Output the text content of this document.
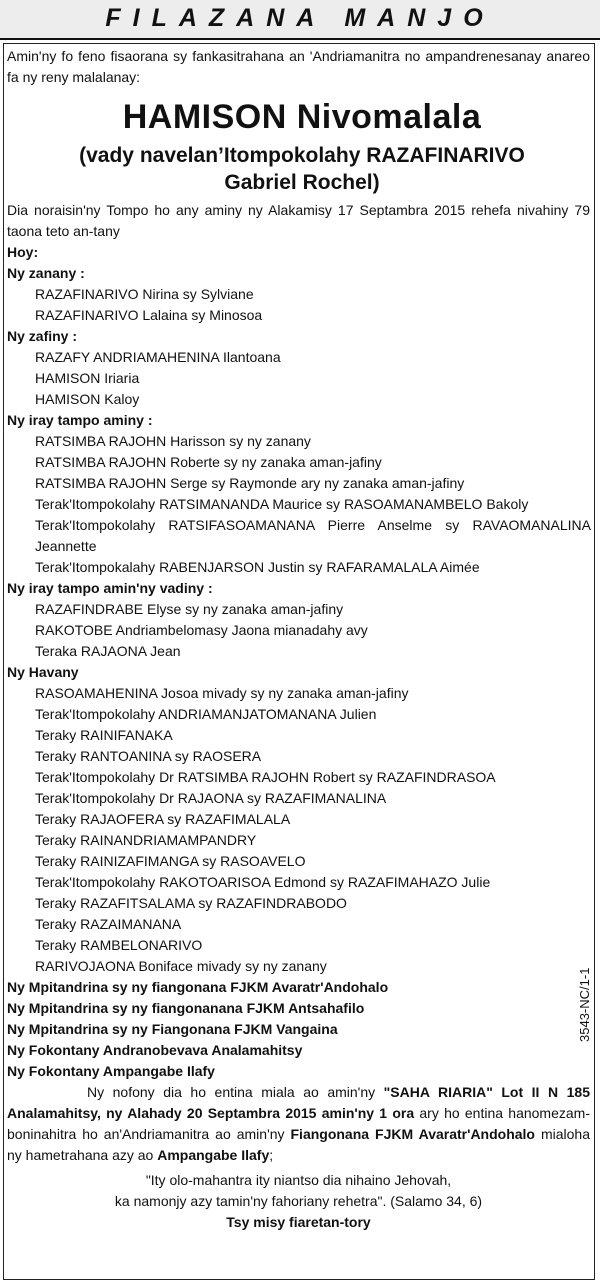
FILAZANA MANJO
Amin'ny fo feno fisaorana sy fankasitrahana an 'Andriamanitra no ampandrenesanay anareo fa ny reny malalanay:
HAMISON Nivomalala
(vady navelan’Itompokolahy RAZAFINARIVO
Gabriel Rochel)
Dia noraisin'ny Tompo ho any aminy ny Alakamisy 17 Septambra 2015 rehefa nivahiny 79 taona teto an-tany
Hoy:
Ny zanany :
RAZAFINARIVO Nirina sy Sylviane
RAZAFINARIVO Lalaina sy Minosoa
Ny zafiny :
RAZAFY ANDRIAMAHENINA Ilantoana
HAMISON Iriaria
HAMISON Kaloy
Ny iray tampo aminy :
RATSIMBA RAJOHN Harisson sy ny zanany
RATSIMBA RAJOHN Roberte sy ny zanaka aman-jafiny
RATSIMBA RAJOHN Serge sy Raymonde ary ny zanaka aman-jafiny
Terak'Itompokolahy RATSIMANANDA Maurice sy RASOAMANAMBELO Bakoly
Terak'Itompokolahy RATSIFASOAMANANA Pierre Anselme sy RAVAOMANALINA Jeannette
Terak'Itompokalahy RABENJARSON Justin sy RAFARAMALALA Aimée
Ny iray tampo amin'ny vadiny :
RAZAFINDRABE Elyse sy ny zanaka aman-jafiny
RAKOTOBE Andriambelomasy Jaona mianadahy avy
Teraka RAJAONA Jean
Ny Havany
RASOAMAHENINA Josoa mivady sy ny zanaka aman-jafiny
Terak'Itompokolahy ANDRIAMANJATOMANANA Julien
Teraky RAINIFANAKA
Teraky RANTOANINA sy RAOSERA
Terak'Itompokolahy Dr RATSIMBA RAJOHN Robert sy RAZAFINDRASOA
Terak'Itompokolahy Dr RAJAONA sy RAZAFIMANALINA
Teraky RAJAOFERA sy RAZAFIMALALA
Teraky RAINANDRIAMAMPANDRY
Teraky RAINIZAFIMANGA sy RASOAVELO
Terak'Itompokolahy RAKOTOARISOA Edmond sy RAZAFIMAHAZO Julie
Teraky RAZAFITSALAMA sy RAZAFINDRABODO
Teraky RAZAIMANANA
Teraky RAMBELONARIVO
RARIVOJAONA Boniface mivady sy ny zanany
Ny Mpitandrina sy ny fiangonana FJKM Avaratr'Andohalo
Ny Mpitandrina sy ny fiangonanana FJKM Antsahafilo
Ny Mpitandrina sy ny Fiangonana FJKM Vangaina
Ny Fokontany Andranobevava Analamahitsy
Ny Fokontany Ampangabe Ilafy
Ny nofony dia ho entina miala ao amin'ny "SAHA RIARIA" Lot II N 185 Analamahitsy, ny Alahady 20 Septambra 2015 amin'ny 1 ora ary ho entina hanomezam-boninahitra ho an'Andriamanitra ao amin'ny Fiangonana FJKM Avaratr'Andohalo mialoha ny hametrahana azy ao Ampangabe Ilafy;
"Ity olo-mahantra ity niantso dia nihaino Jehovah,
ka namonjy azy tamin'ny fahoriany rehetra". (Salamo 34, 6)
Tsy misy fiaretan-tory
3543-NC/1-1
